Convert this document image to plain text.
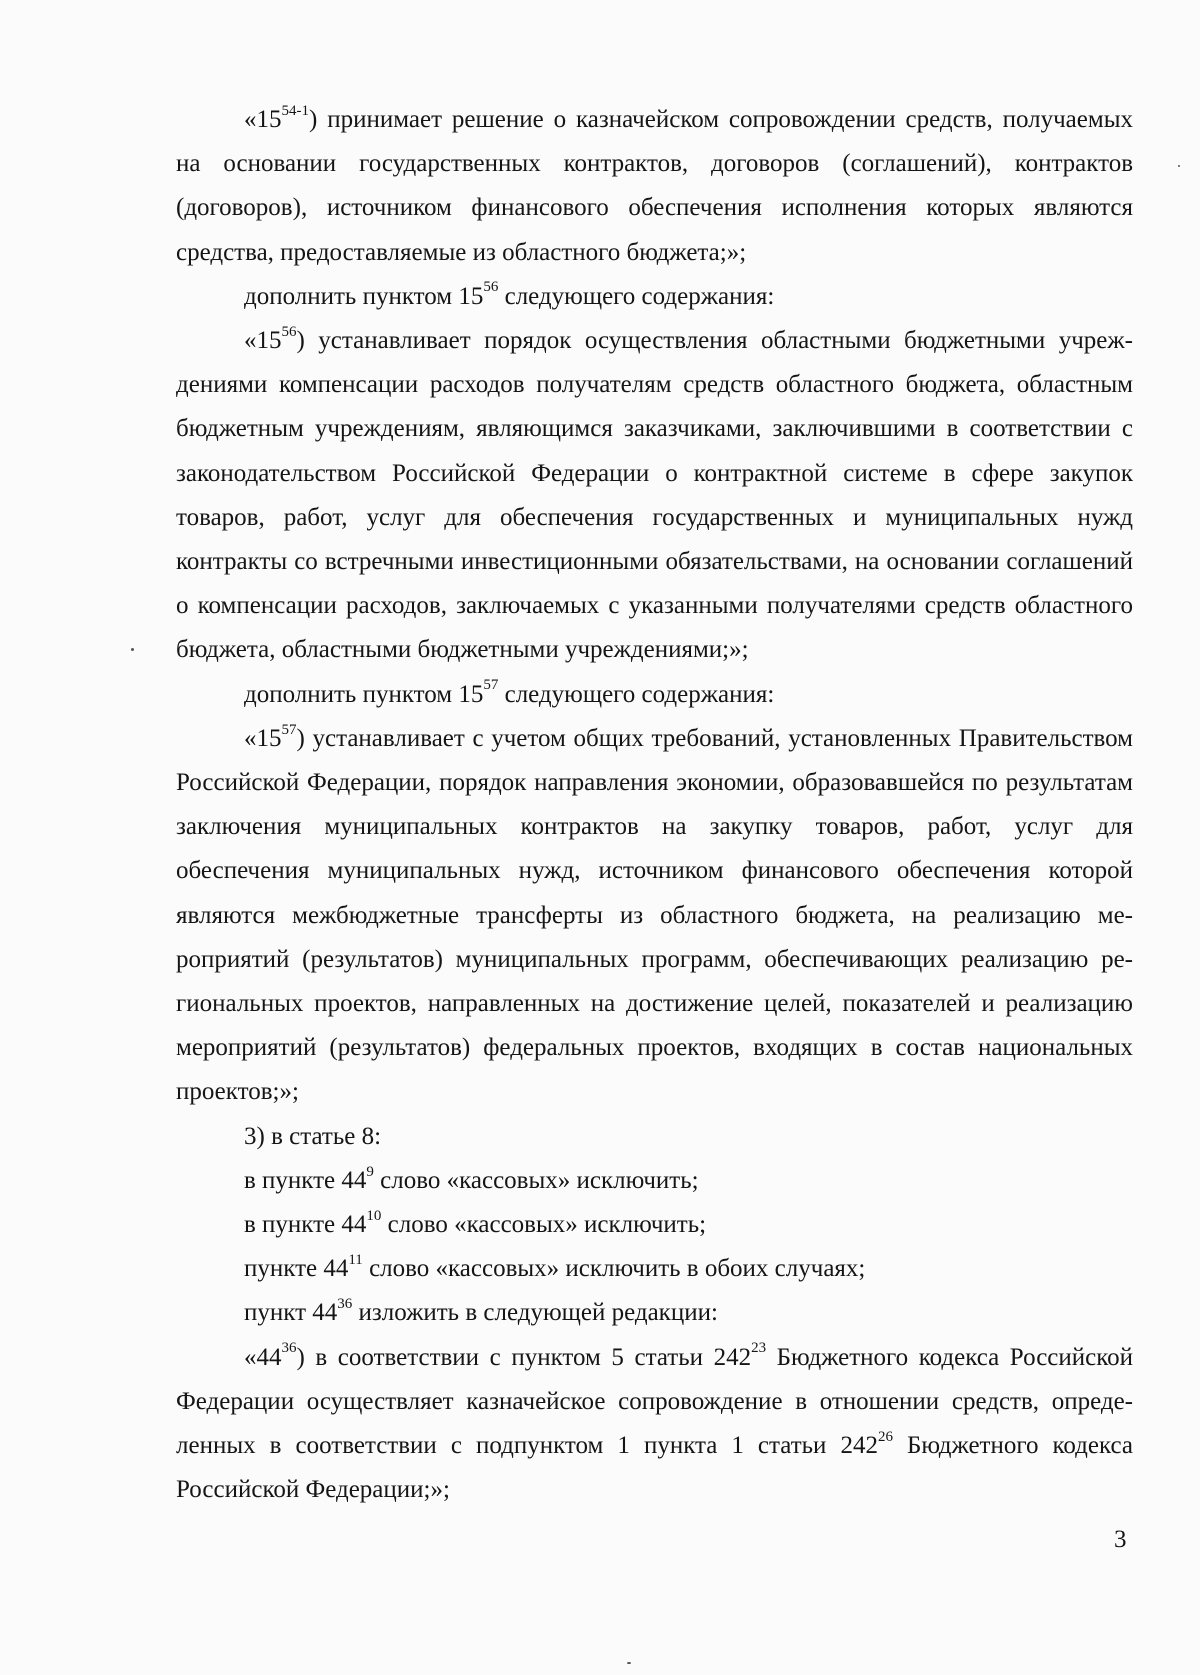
«15$^{54-1}$) принимает решение о казначейском сопровождении средств, получаемых на основании государственных контрактов, договоров (соглашений), контрактов (договоров), источником финансового обеспечения исполнения которых являются средства, предоставляемые из областного бюджета;»;

дополнить пунктом $15^{56}$ следующего содержания:

«$15^{56}$) устанавливает порядок осуществления областными бюджетными учреждениями компенсации расходов получателям средств областного бюджета, областным бюджетным учреждениям, являющимся заказчиками, заключившими в соответствии с законодательством Российской Федерации о контрактной системе в сфере закупок товаров, работ, услуг для обеспечения государственных и муниципальных нужд контракты со встречными инвестиционными обязательствами, на основании соглашений о компенсации расходов, заключаемых с указанными получателями средств областного бюджета, областными бюджетными учреждениями;»;

дополнить пунктом $15^{57}$ следующего содержания:

«$15^{57}$) устанавливает с учетом общих требований, установленных Правительством Российской Федерации, порядок направления экономии, образовавшейся по результатам заключения муниципальных контрактов на закупку товаров, работ, услуг для обеспечения муниципальных нужд, источником финансового обеспечения которой являются межбюджетные трансферты из областного бюджета, на реализацию мероприятий (результатов) муниципальных программ, обеспечивающих реализацию региональных проектов, направленных на достижение целей, показателей и реализацию мероприятий (результатов) федеральных проектов, входящих в состав национальных проектов;»;

3) в статье 8:

в пункте $44^9$ слово «кассовых» исключить;

в пункте $44^{10}$ слово «кассовых» исключить;

пункте $44^{11}$ слово «кассовых» исключить в обоих случаях;

пункт $44^{36}$ изложить в следующей редакции:

«$44^{36}$) в соответствии с пунктом 5 статьи $242^{23}$ Бюджетного кодекса Российской Федерации осуществляет казначейское сопровождение в отношении средств, определенных в соответствии с подпунктом 1 пункта 1 статьи $242^{26}$ Бюджетного кодекса Российской Федерации;»;

3
